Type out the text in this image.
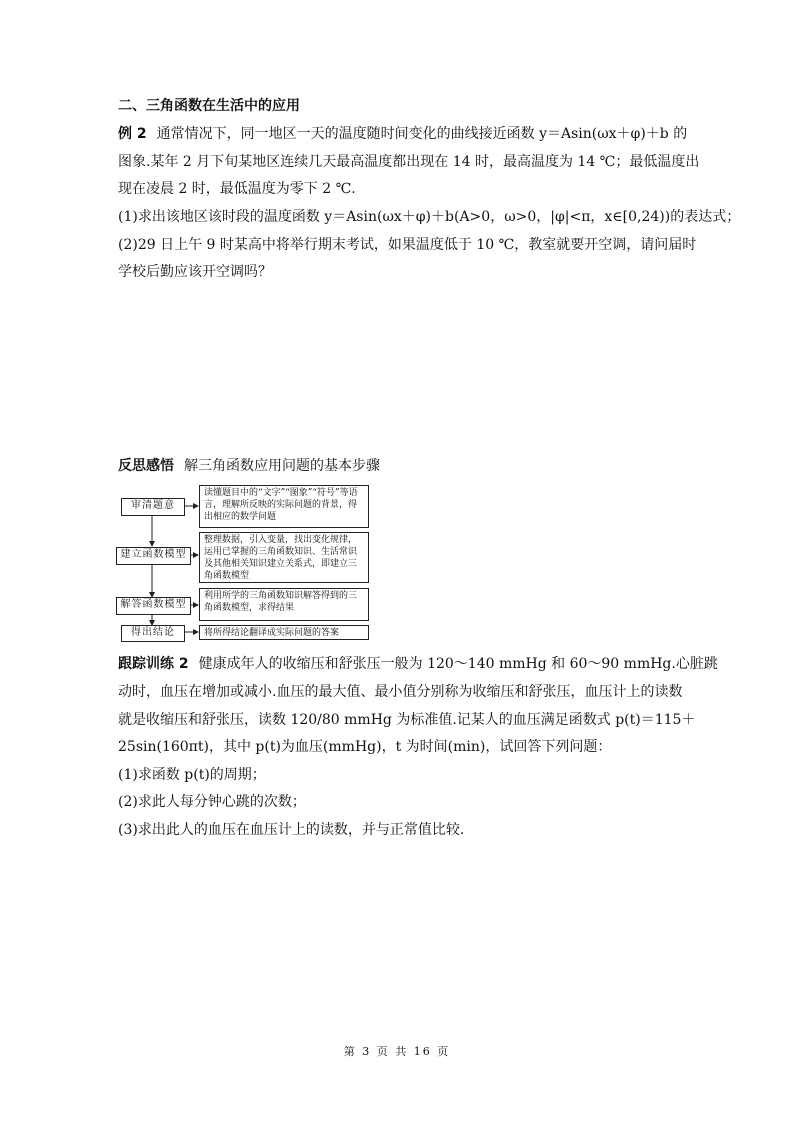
二、三角函数在生活中的应用
例 2 通常情况下，同一地区一天的温度随时间变化的曲线接近函数 y＝Asin(ωx＋φ)＋b 的
图象.某年 2 月下旬某地区连续几天最高温度都出现在 14 时，最高温度为 14 ℃；最低温度出
现在凌晨 2 时，最低温度为零下 2 ℃.
(1)求出该地区该时段的温度函数 y＝Asin(ωx＋φ)＋b(A>0，ω>0，|φ|<π，x∈[0,24))的表达式；
(2)29 日上午 9 时某高中将举行期末考试，如果温度低于 10 ℃，教室就要开空调，请问届时
学校后勤应该开空调吗？
反思感悟 解三角函数应用问题的基本步骤
审清题意
读懂题目中的“文字”“图象”“符号”等语言，理解所反映的实际问题的背景，得出相应的数学问题
建立函数模型
整理数据，引入变量，找出变化规律，运用已掌握的三角函数知识、生活常识及其他相关知识建立关系式，即建立三角函数模型
解答函数模型
利用所学的三角函数知识解答得到的三角函数模型，求得结果
得出结论	将所得结论翻译成实际问题的答案
跟踪训练 2 健康成年人的收缩压和舒张压一般为 120～140 mmHg 和 60～90 mmHg.心脏跳
动时，血压在增加或减小.血压的最大值、最小值分别称为收缩压和舒张压，血压计上的读数
就是收缩压和舒张压，读数 120/80 mmHg 为标准值.记某人的血压满足函数式 p(t)＝115＋
25sin(160πt)，其中 p(t)为血压(mmHg)，t 为时间(min)，试回答下列问题：
(1)求函数 p(t)的周期；
(2)求此人每分钟心跳的次数；
(3)求出此人的血压在血压计上的读数，并与正常值比较.
第 3 页 共 16 页
